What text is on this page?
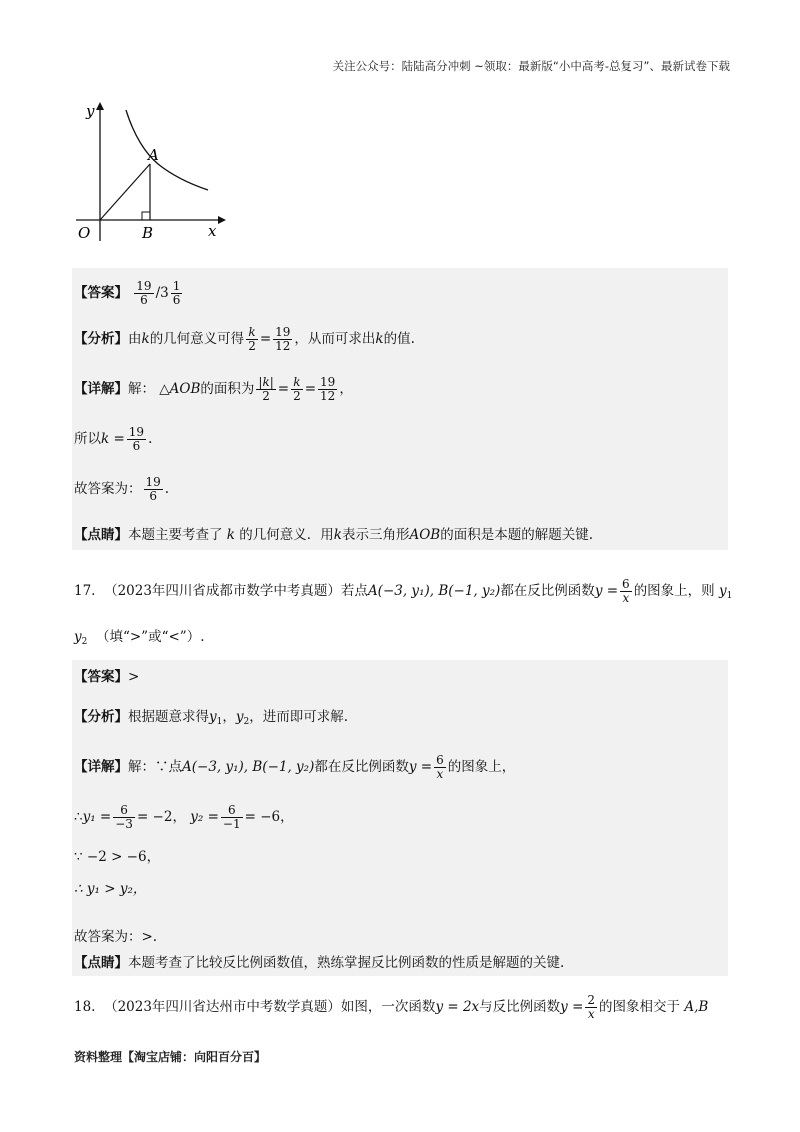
关注公众号：陆陆高分冲刺 ~领取：最新版“小中高考-总复习”、最新试卷下载
y
x
O
A
B
【答案】 $\frac{19}{6} /3 \frac{1}{6}$
【分析】由k的几何意义可得 $\frac{k}{2} = \frac{19}{12}$ ，从而可求出k的值.
【详解】解： △AOB的面积为 $\frac{|k|}{2} = \frac{k}{2} = \frac{19}{12}$ ，
所以$k = \frac{19}{6}$ .
故答案为： $\frac{19}{6}$ .
【点睛】本题主要考查了 k 的几何意义．用k表示三角形AOB的面积是本题的解题关键.
17. （2023年四川省成都市数学中考真题）若点A(−3, y₁), B(−1, y₂)都在反比例函数$y = \frac{6}{x}$ 的图象上，则 $y_1$
$y_2$ （填“>”或“<”）.
【答案】>
【分析】根据题意求得$y_1$，$y_2$，进而即可求解.
【详解】解：∵点A(−3, y₁), B(−1, y₂)都在反比例函数$y = \frac{6}{x}$ 的图象上，
∴y₁ = $\frac{6}{-3} = -2$， $y_2 = \frac{6}{-1} = -6$，
∵ −2 > −6，
∴ y₁ > y₂，
故答案为：>.
【点睛】本题考查了比较反比例函数值，熟练掌握反比例函数的性质是解题的关键.
18. （2023年四川省达州市中考数学真题）如图，一次函数y = 2x与反比例函数$y = \frac{2}{x}$ 的图象相交于 A,B
资料整理【淘宝店铺：向阳百分百】
